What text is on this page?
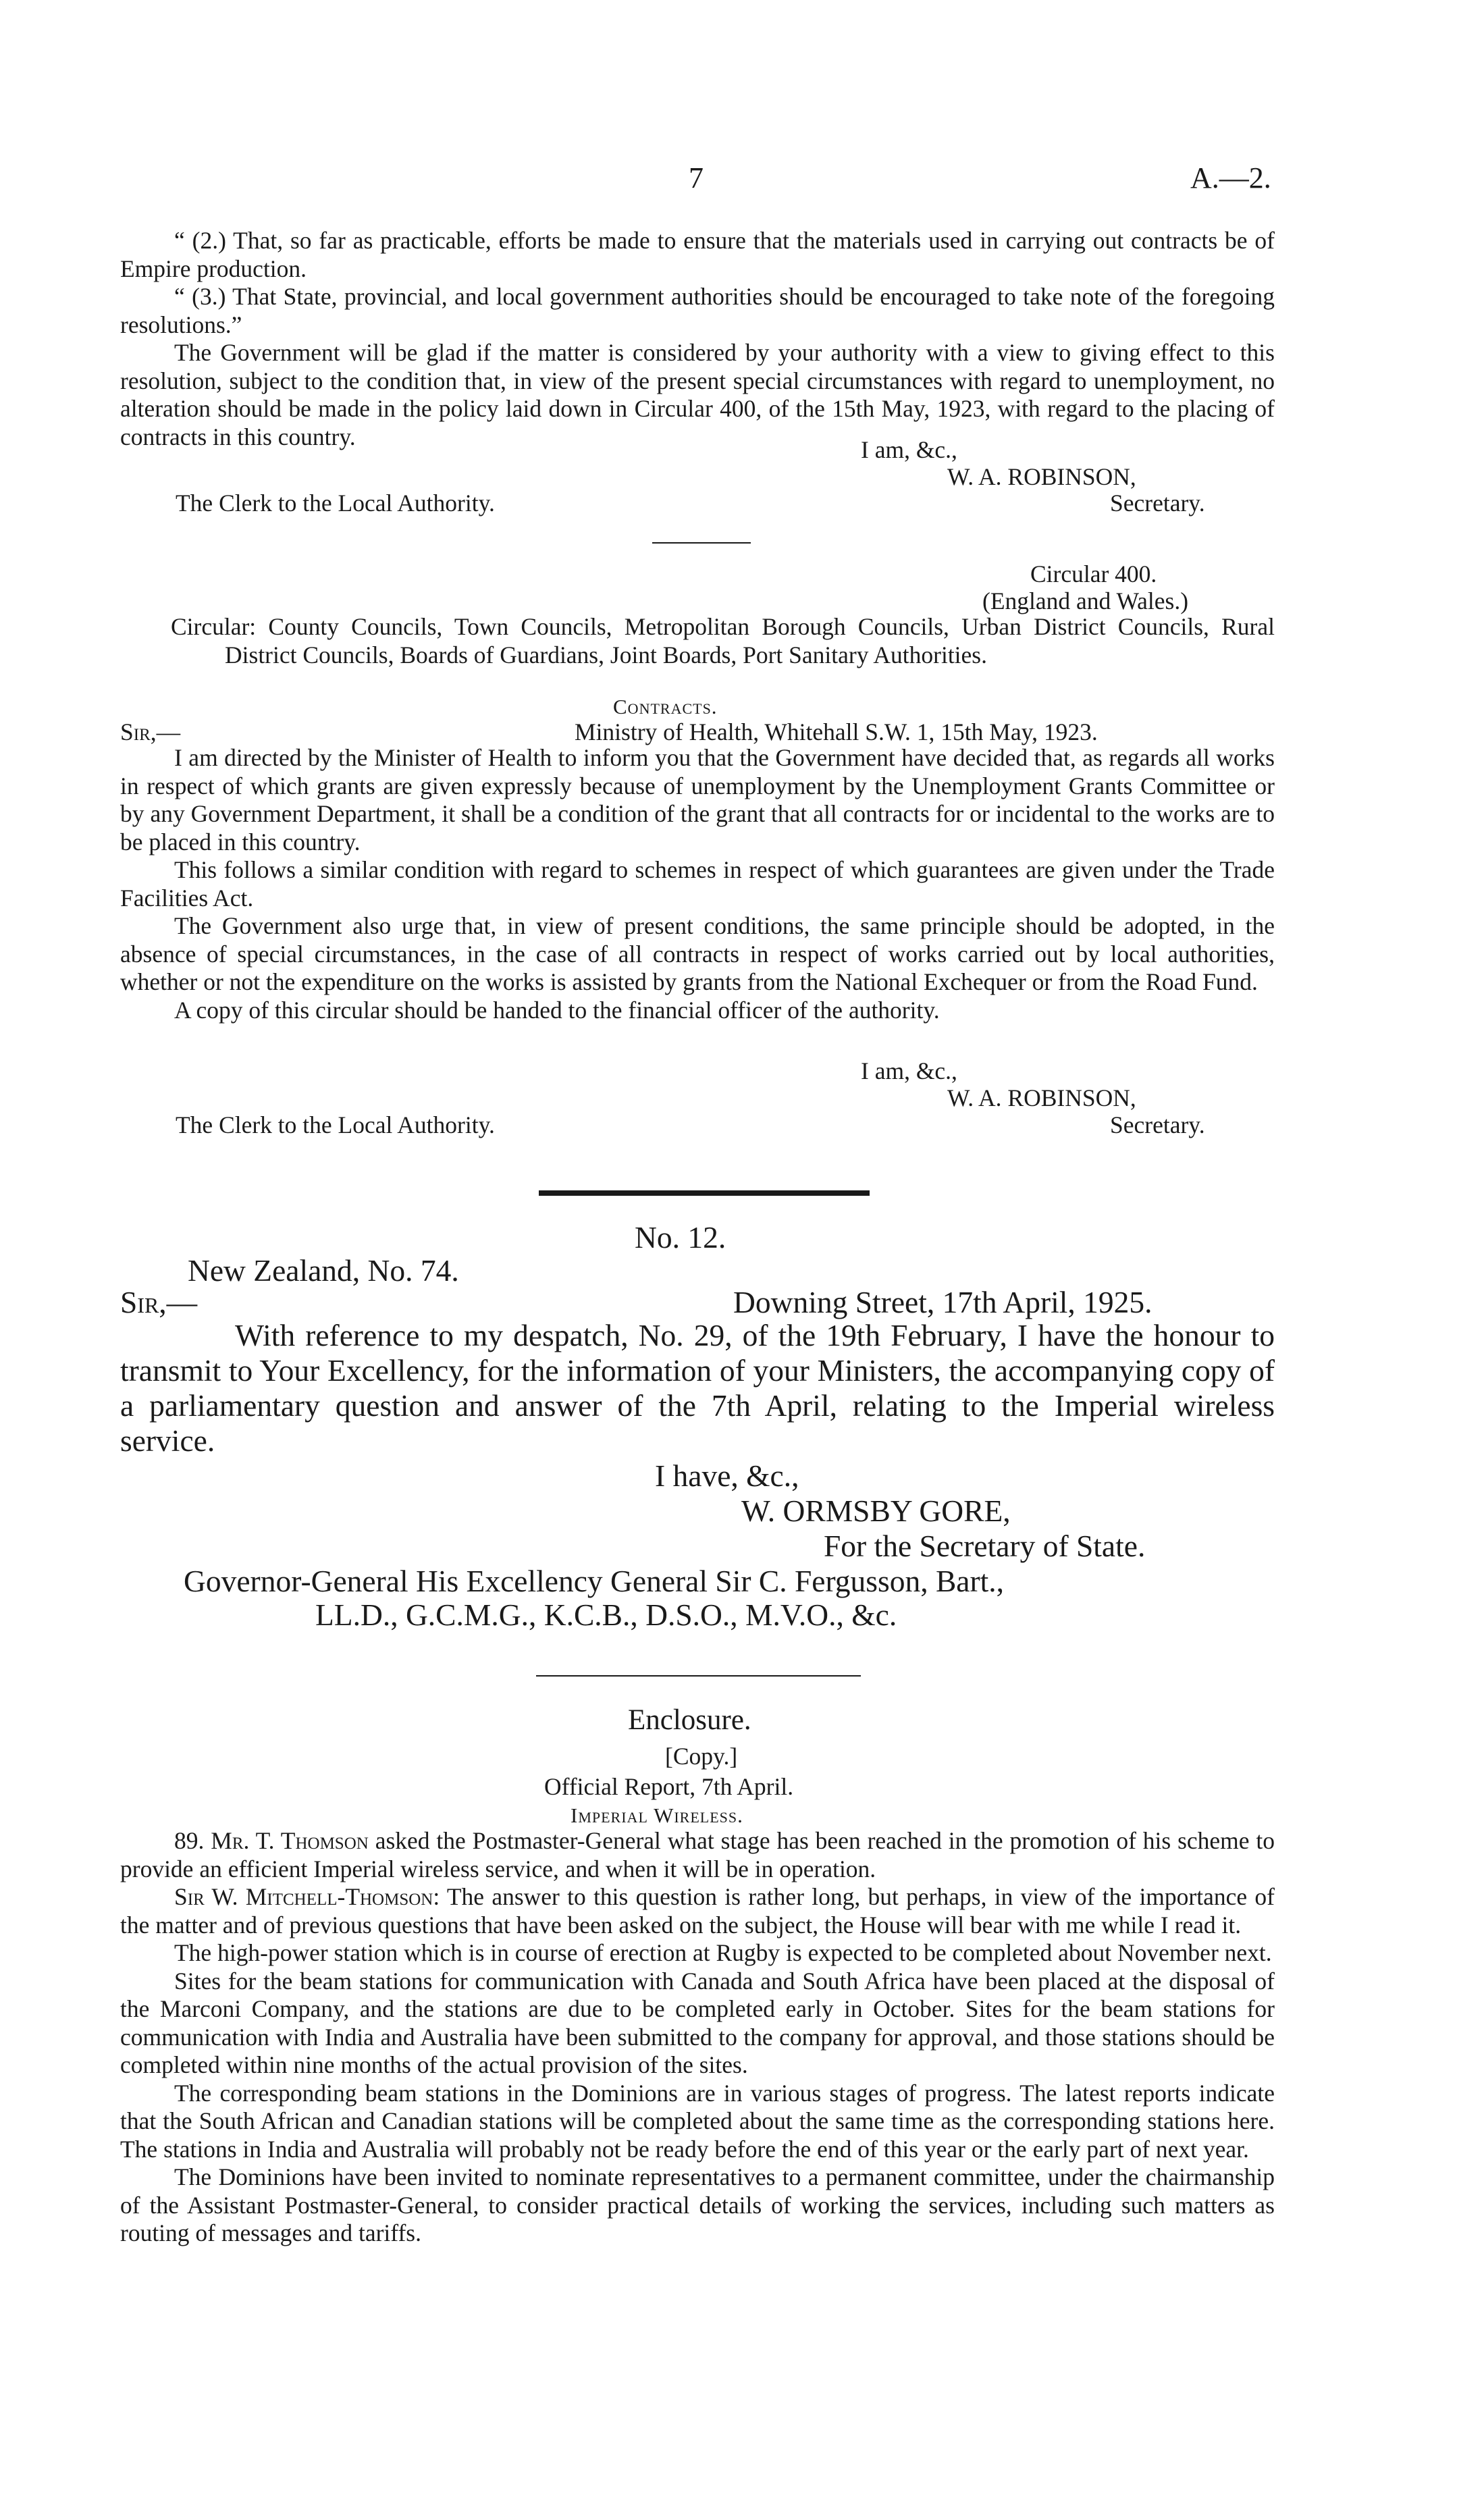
7	A.—2.

“ (2.) That, so far as practicable, efforts be made to ensure that the materials used in carrying out contracts be of Empire production.

“ (3.) That State, provincial, and local government authorities should be encouraged to take note of the foregoing resolutions.”

The Government will be glad if the matter is considered by your authority with a view to giving effect to this resolution, subject to the condition that, in view of the present special circumstances with regard to unemployment, no alteration should be made in the policy laid down in Circular 400, of the 15th May, 1923, with regard to the placing of contracts in this country.	I am, &c.,
W. A. ROBINSON,
The Clerk to the Local Authority.	Secretary.
Circular 400.
(England and Wales.)
Circular: County Councils, Town Councils, Metropolitan Borough Councils, Urban District Councils, Rural District Councils, Boards of Guardians, Joint Boards, Port Sanitary Authorities.
Contracts.
Sir,—	Ministry of Health, Whitehall S.W. 1, 15th May, 1923.

I am directed by the Minister of Health to inform you that the Government have decided that, as regards all works in respect of which grants are given expressly because of unemployment by the Unemployment Grants Committee or by any Government Department, it shall be a condition of the grant that all contracts for or incidental to the works are to be placed in this country.

This follows a similar condition with regard to schemes in respect of which guarantees are given under the Trade Facilities Act.

The Government also urge that, in view of present conditions, the same principle should be adopted, in the absence of special circumstances, in the case of all contracts in respect of works carried out by local authorities, whether or not the expenditure on the works is assisted by grants from the National Exchequer or from the Road Fund.

A copy of this circular should be handed to the financial officer of the authority.

I am, &c.,
W. A. ROBINSON,
The Clerk to the Local Authority.	Secretary.
No. 12.
New Zealand, No. 74.
Sir,—	Downing Street, 17th April, 1925.
With reference to my despatch, No. 29, of the 19th February, I have the honour to transmit to Your Excellency, for the information of your Ministers, the accompanying copy of a parliamentary question and answer of the 7th April, relating to the Imperial wireless service.
I have, &c.,
W. ORMSBY GORE,
For the Secretary of State.
Governor-General His Excellency General Sir C. Fergusson, Bart.,
LL.D., G.C.M.G., K.C.B., D.S.O., M.V.O., &c.
Enclosure.
[Copy.]
Official Report, 7th April.
Imperial Wireless.

89. Mr. T. Thomson asked the Postmaster-General what stage has been reached in the promotion of his scheme to provide an efficient Imperial wireless service, and when it will be in operation.

Sir W. Mitchell-Thomson: The answer to this question is rather long, but perhaps, in view of the importance of the matter and of previous questions that have been asked on the subject, the House will bear with me while I read it.

The high-power station which is in course of erection at Rugby is expected to be completed about November next.

Sites for the beam stations for communication with Canada and South Africa have been placed at the disposal of the Marconi Company, and the stations are due to be completed early in October. Sites for the beam stations for communication with India and Australia have been submitted to the company for approval, and those stations should be completed within nine months of the actual provision of the sites.

The corresponding beam stations in the Dominions are in various stages of progress. The latest reports indicate that the South African and Canadian stations will be completed about the same time as the corresponding stations here. The stations in India and Australia will probably not be ready before the end of this year or the early part of next year.

The Dominions have been invited to nominate representatives to a permanent committee, under the chairmanship of the Assistant Postmaster-General, to consider practical details of working the services, including such matters as routing of messages and tariffs.
